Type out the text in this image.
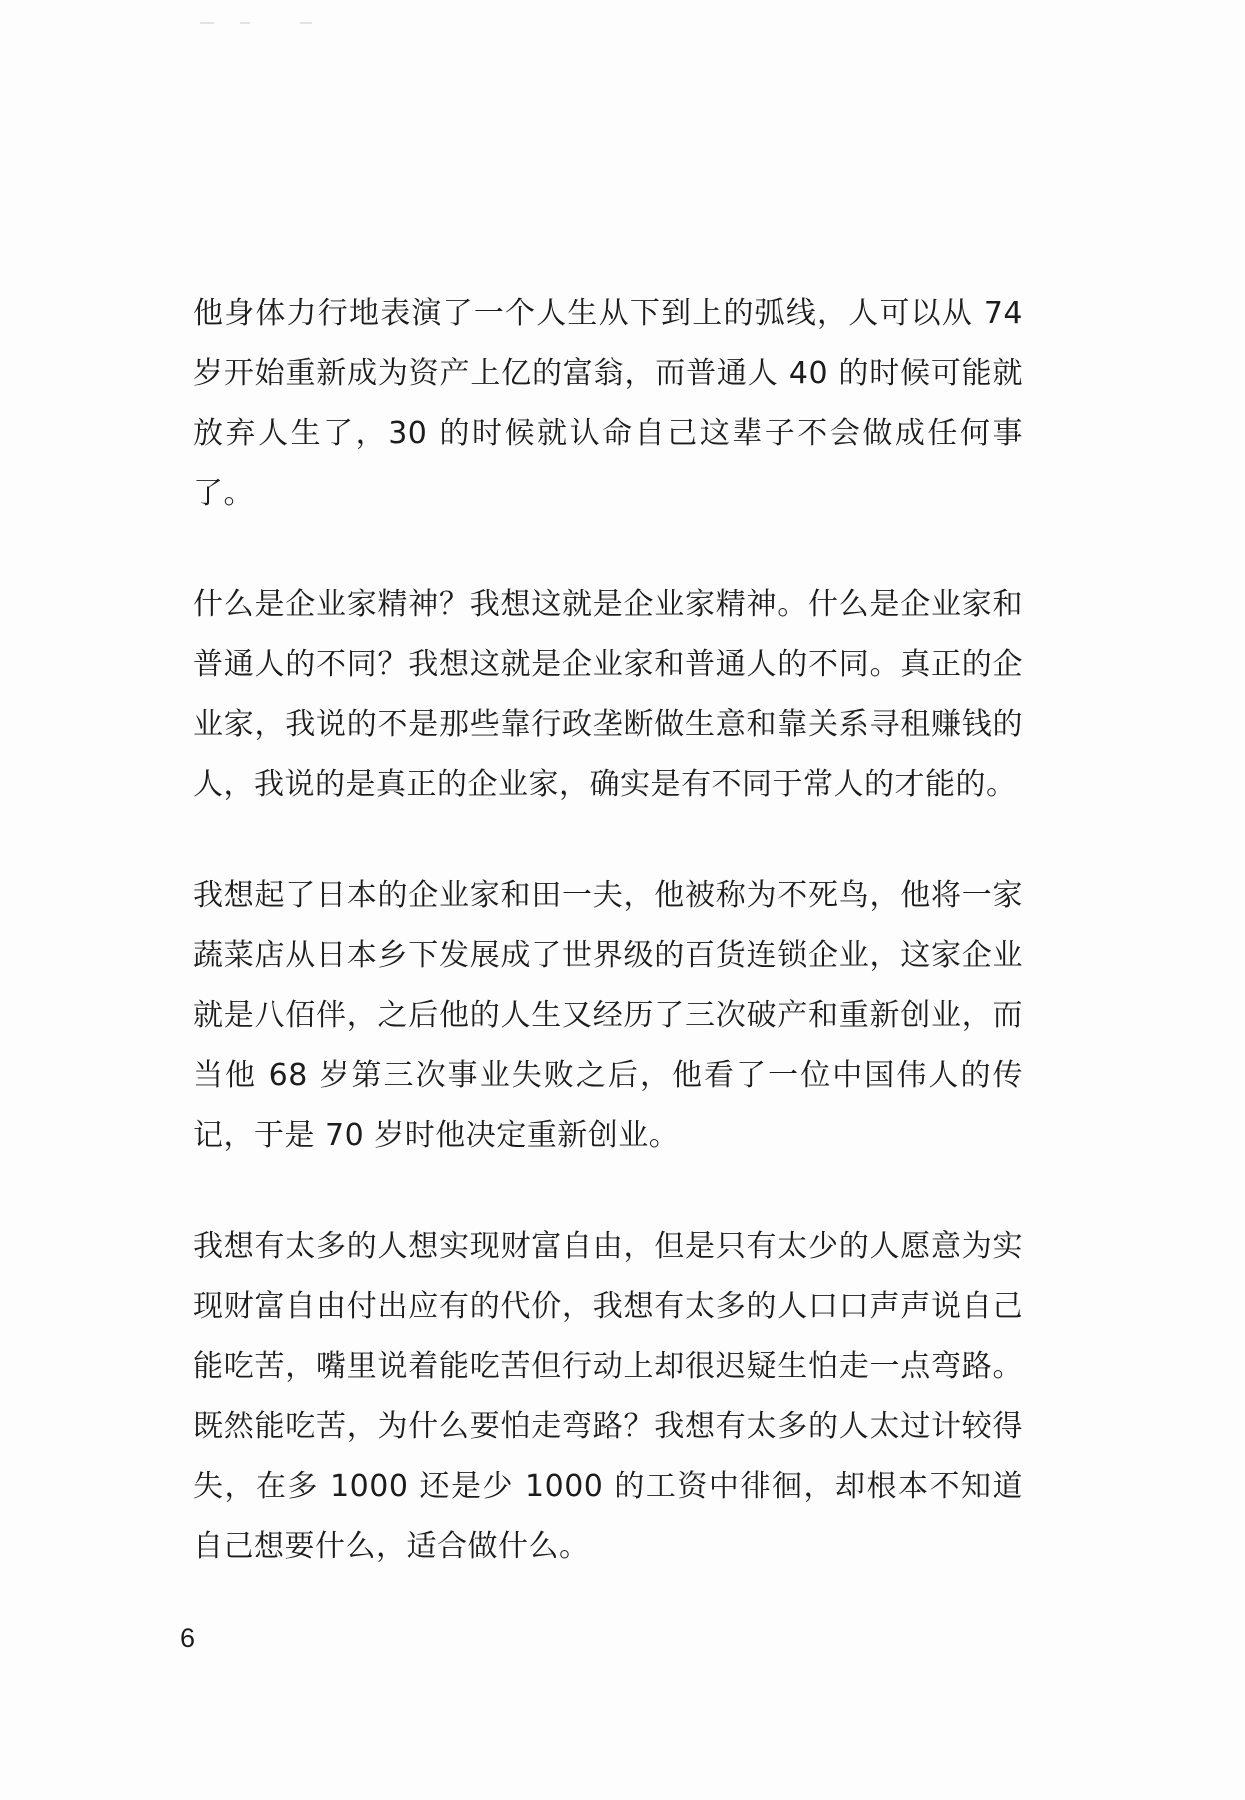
他身体力行地表演了一个人生从下到上的弧线，人可以从 74 岁开始重新成为资产上亿的富翁，而普通人 40 的时候可能就放弃人生了，30 的时候就认命自己这辈子不会做成任何事了。

什么是企业家精神？我想这就是企业家精神。什么是企业家和普通人的不同？我想这就是企业家和普通人的不同。真正的企业家，我说的不是那些靠行政垄断做生意和靠关系寻租赚钱的人，我说的是真正的企业家，确实是有不同于常人的才能的。

我想起了日本的企业家和田一夫，他被称为不死鸟，他将一家蔬菜店从日本乡下发展成了世界级的百货连锁企业，这家企业就是八佰伴，之后他的人生又经历了三次破产和重新创业，而当他 68 岁第三次事业失败之后，他看了一位中国伟人的传记，于是 70 岁时他决定重新创业。

我想有太多的人想实现财富自由，但是只有太少的人愿意为实现财富自由付出应有的代价，我想有太多的人口口声声说自己能吃苦，嘴里说着能吃苦但行动上却很迟疑生怕走一点弯路。既然能吃苦，为什么要怕走弯路？我想有太多的人太过计较得失，在多 1000 还是少 1000 的工资中徘徊，却根本不知道自己想要什么，适合做什么。

6
